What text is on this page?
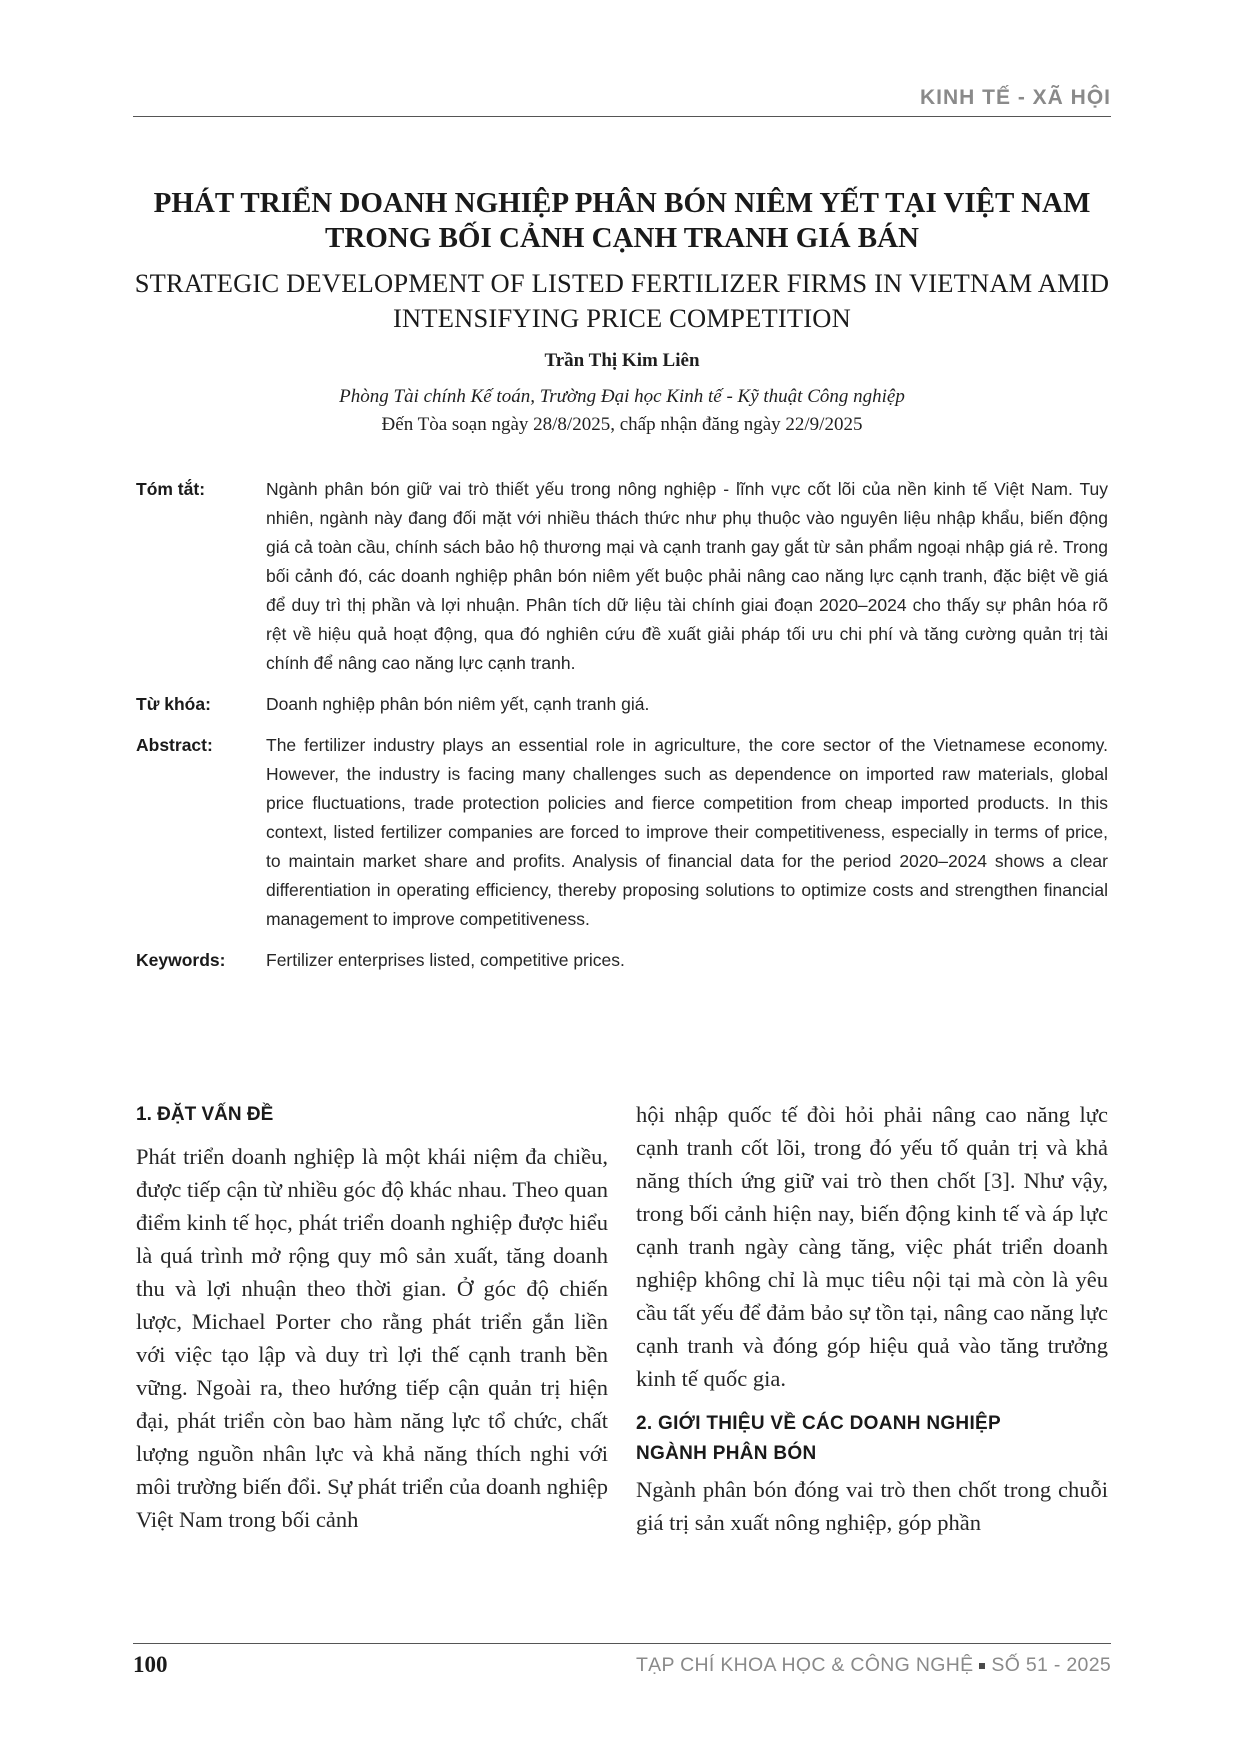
KINH TẾ - XÃ HỘI

PHÁT TRIỂN DOANH NGHIỆP PHÂN BÓN NIÊM YẾT TẠI VIỆT NAM
TRONG BỐI CẢNH CẠNH TRANH GIÁ BÁN

STRATEGIC DEVELOPMENT OF LISTED FERTILIZER FIRMS IN VIETNAM AMID
INTENSIFYING PRICE COMPETITION

Trần Thị Kim Liên

Phòng Tài chính Kế toán, Trường Đại học Kinh tế - Kỹ thuật Công nghiệp

Đến Tòa soạn ngày 28/8/2025, chấp nhận đăng ngày 22/9/2025

Tóm tắt:	Ngành phân bón giữ vai trò thiết yếu trong nông nghiệp - lĩnh vực cốt lõi của nền kinh tế Việt Nam. Tuy nhiên, ngành này đang đối mặt với nhiều thách thức như phụ thuộc vào nguyên liệu nhập khẩu, biến động giá cả toàn cầu, chính sách bảo hộ thương mại và cạnh tranh gay gắt từ sản phẩm ngoại nhập giá rẻ. Trong bối cảnh đó, các doanh nghiệp phân bón niêm yết buộc phải nâng cao năng lực cạnh tranh, đặc biệt về giá để duy trì thị phần và lợi nhuận. Phân tích dữ liệu tài chính giai đoạn 2020–2024 cho thấy sự phân hóa rõ rệt về hiệu quả hoạt động, qua đó nghiên cứu đề xuất giải pháp tối ưu chi phí và tăng cường quản trị tài chính để nâng cao năng lực cạnh tranh.
Từ khóa:	Doanh nghiệp phân bón niêm yết, cạnh tranh giá.
Abstract:	The fertilizer industry plays an essential role in agriculture, the core sector of the Vietnamese economy. However, the industry is facing many challenges such as dependence on imported raw materials, global price fluctuations, trade protection policies and fierce competition from cheap imported products. In this context, listed fertilizer companies are forced to improve their competitiveness, especially in terms of price, to maintain market share and profits. Analysis of financial data for the period 2020–2024 shows a clear differentiation in operating efficiency, thereby proposing solutions to optimize costs and strengthen financial management to improve competitiveness.
Keywords:	Fertilizer enterprises listed, competitive prices.
1. ĐẶT VẤN ĐỀ

Phát triển doanh nghiệp là một khái niệm đa chiều, được tiếp cận từ nhiều góc độ khác nhau. Theo quan điểm kinh tế học, phát triển doanh nghiệp được hiểu là quá trình mở rộng quy mô sản xuất, tăng doanh thu và lợi nhuận theo thời gian. Ở góc độ chiến lược, Michael Porter cho rằng phát triển gắn liền với việc tạo lập và duy trì lợi thế cạnh tranh bền vững. Ngoài ra, theo hướng tiếp cận quản trị hiện đại, phát triển còn bao hàm năng lực tổ chức, chất lượng nguồn nhân lực và khả năng thích nghi với môi trường biến đổi. Sự phát triển của doanh nghiệp Việt Nam trong bối cảnh

hội nhập quốc tế đòi hỏi phải nâng cao năng lực cạnh tranh cốt lõi, trong đó yếu tố quản trị và khả năng thích ứng giữ vai trò then chốt [3]. Như vậy, trong bối cảnh hiện nay, biến động kinh tế và áp lực cạnh tranh ngày càng tăng, việc phát triển doanh nghiệp không chỉ là mục tiêu nội tại mà còn là yêu cầu tất yếu để đảm bảo sự tồn tại, nâng cao năng lực cạnh tranh và đóng góp hiệu quả vào tăng trưởng kinh tế quốc gia.

2. GIỚI THIỆU VỀ CÁC DOANH NGHIỆP
NGÀNH PHÂN BÓN

Ngành phân bón đóng vai trò then chốt trong chuỗi giá trị sản xuất nông nghiệp, góp phần

100	TẠP CHÍ KHOA HỌC & CÔNG NGHỆ SỐ 51 - 2025
